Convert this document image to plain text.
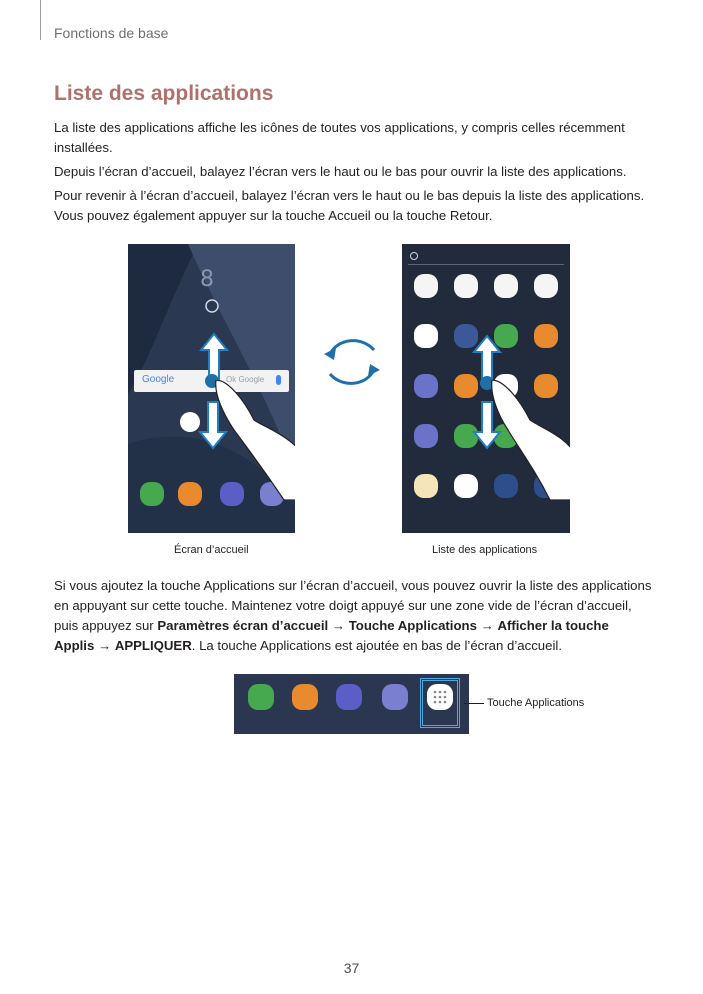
Fonctions de base
Liste des applications

La liste des applications affiche les icônes de toutes vos applications, y compris celles récemment installées.

Depuis l’écran d’accueil, balayez l’écran vers le haut ou le bas pour ouvrir la liste des applications.

Pour revenir à l’écran d’accueil, balayez l’écran vers le haut ou le bas depuis la liste des applications.
Vous pouvez également appuyer sur la touche Accueil ou la touche Retour.

8
Google	Ok Google
Écran d’accueil	Liste des applications

Si vous ajoutez la touche Applications sur l’écran d’accueil, vous pouvez ouvrir la liste des applications en appuyant sur cette touche. Maintenez votre doigt appuyé sur une zone vide de l’écran d’accueil, puis appuyez sur Paramètres écran d’accueil → Touche Applications → Afficher la touche Applis → APPLIQUER. La touche Applications est ajoutée en bas de l’écran d’accueil.

Touche Applications
37
